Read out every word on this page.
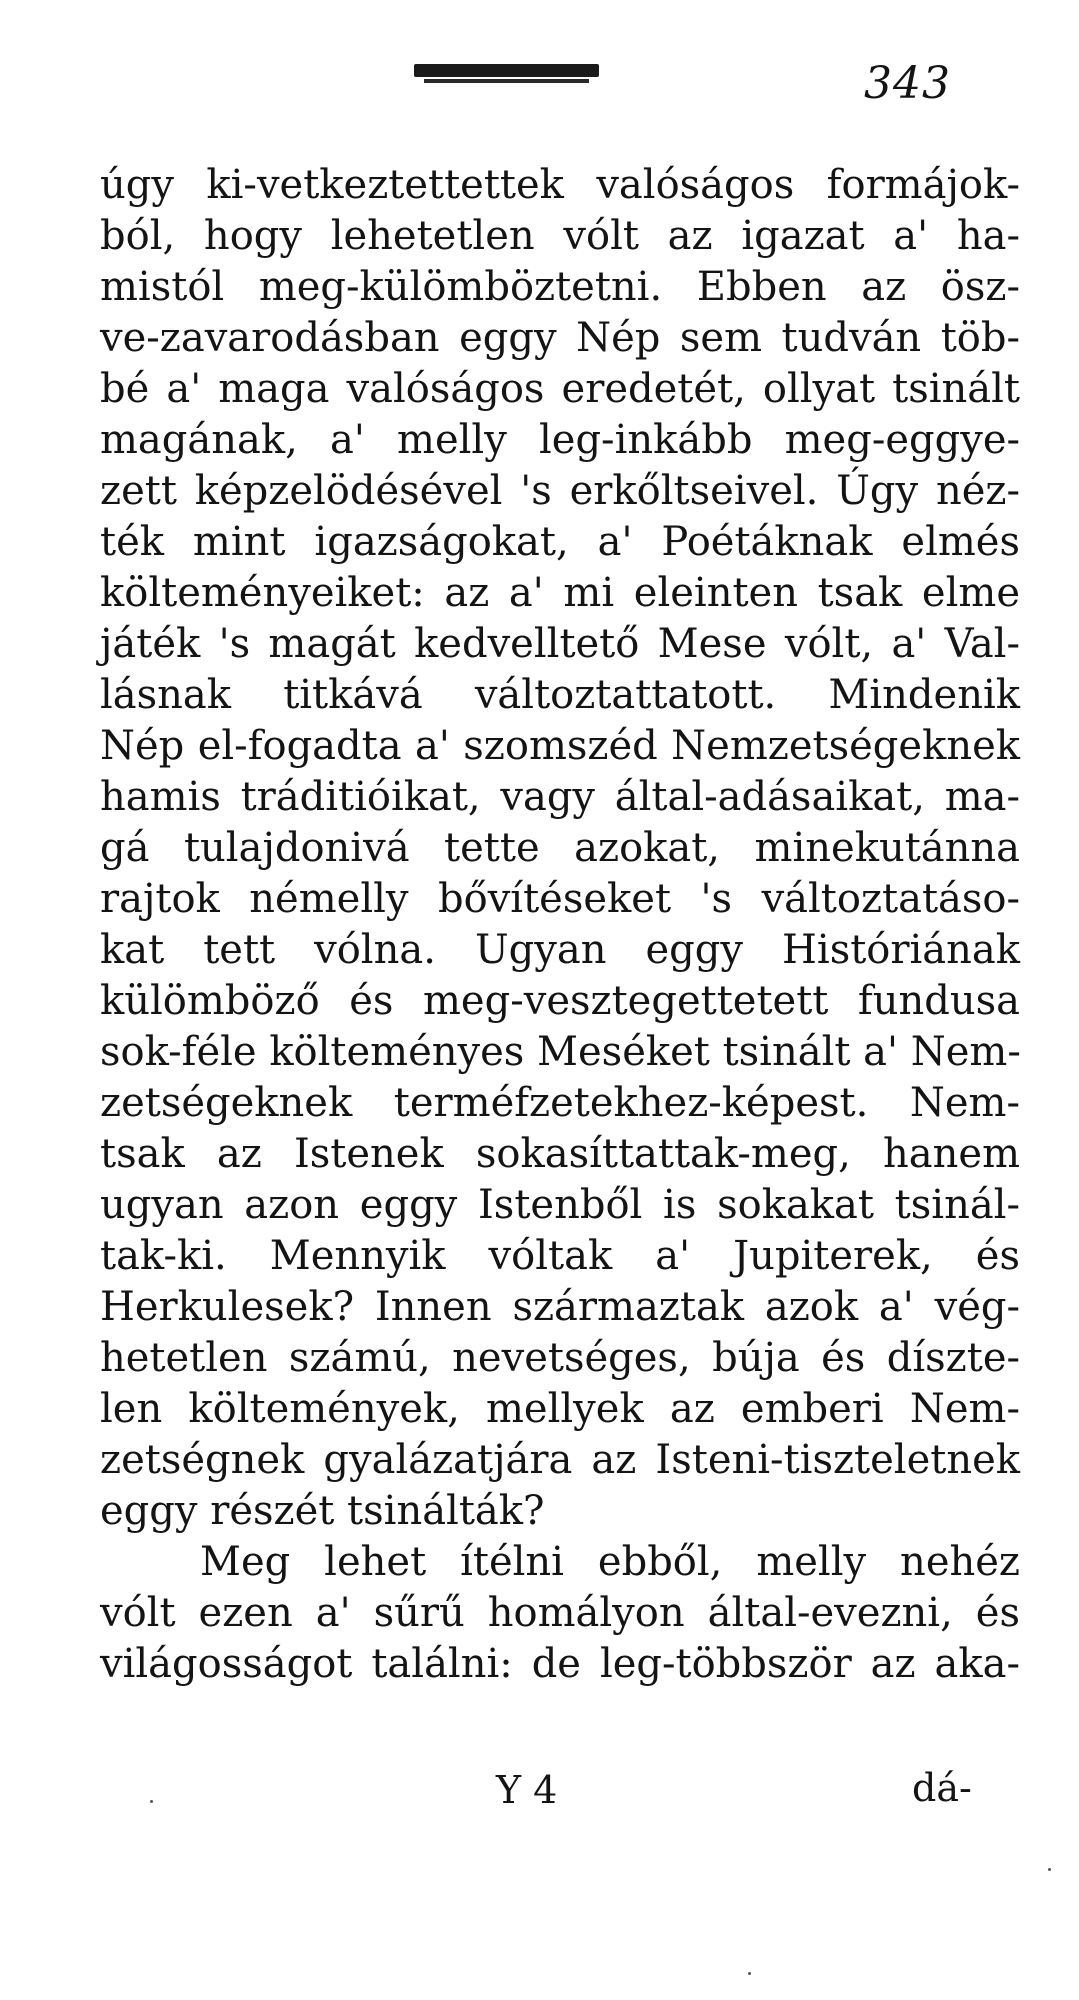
343
úgy ki-vetkeztettettek valóságos formájok-
ból, hogy lehetetlen vólt az igazat a' ha-
mistól meg-külömböztetni. Ebben az ösz-
ve-zavarodásban eggy Nép sem tudván töb-
bé a' maga valóságos eredetét, ollyat tsinált
magának, a' melly leg-inkább meg-eggye-
zett képzelödésével 's erkőltseivel. Úgy néz-
ték mint igazságokat, a' Poétáknak elmés
költeményeiket: az a' mi eleinten tsak elme
játék 's magát kedvelltető Mese vólt, a' Val-
lásnak titkává változtattatott. Mindenik
Nép el-fogadta a' szomszéd Nemzetségeknek
hamis tráditióikat, vagy által-adásaikat, ma-
gá tulajdonivá tette azokat, minekutánna
rajtok némelly bővítéseket 's változtatáso-
kat tett vólna. Ugyan eggy Históriának
külömböző és meg-vesztegettetett fundusa
sok-féle költeményes Meséket tsinált a' Nem-
zetségeknek terméfzetekhez-képest. Nem-
tsak az Istenek sokasíttattak-meg, hanem
ugyan azon eggy Istenből is sokakat tsinál-
tak-ki. Mennyik vóltak a' Jupiterek, és
Herkulesek? Innen származtak azok a' vég-
hetetlen számú, nevetséges, búja és díszte-
len költemények, mellyek az emberi Nem-
zetségnek gyalázatjára az Isteni-tiszteletnek
eggy részét tsinálták?
Meg lehet ítélni ebből, melly nehéz
vólt ezen a' sűrű homályon által-evezni, és
világosságot találni: de leg-többször az aka-
Y 4	dá-
